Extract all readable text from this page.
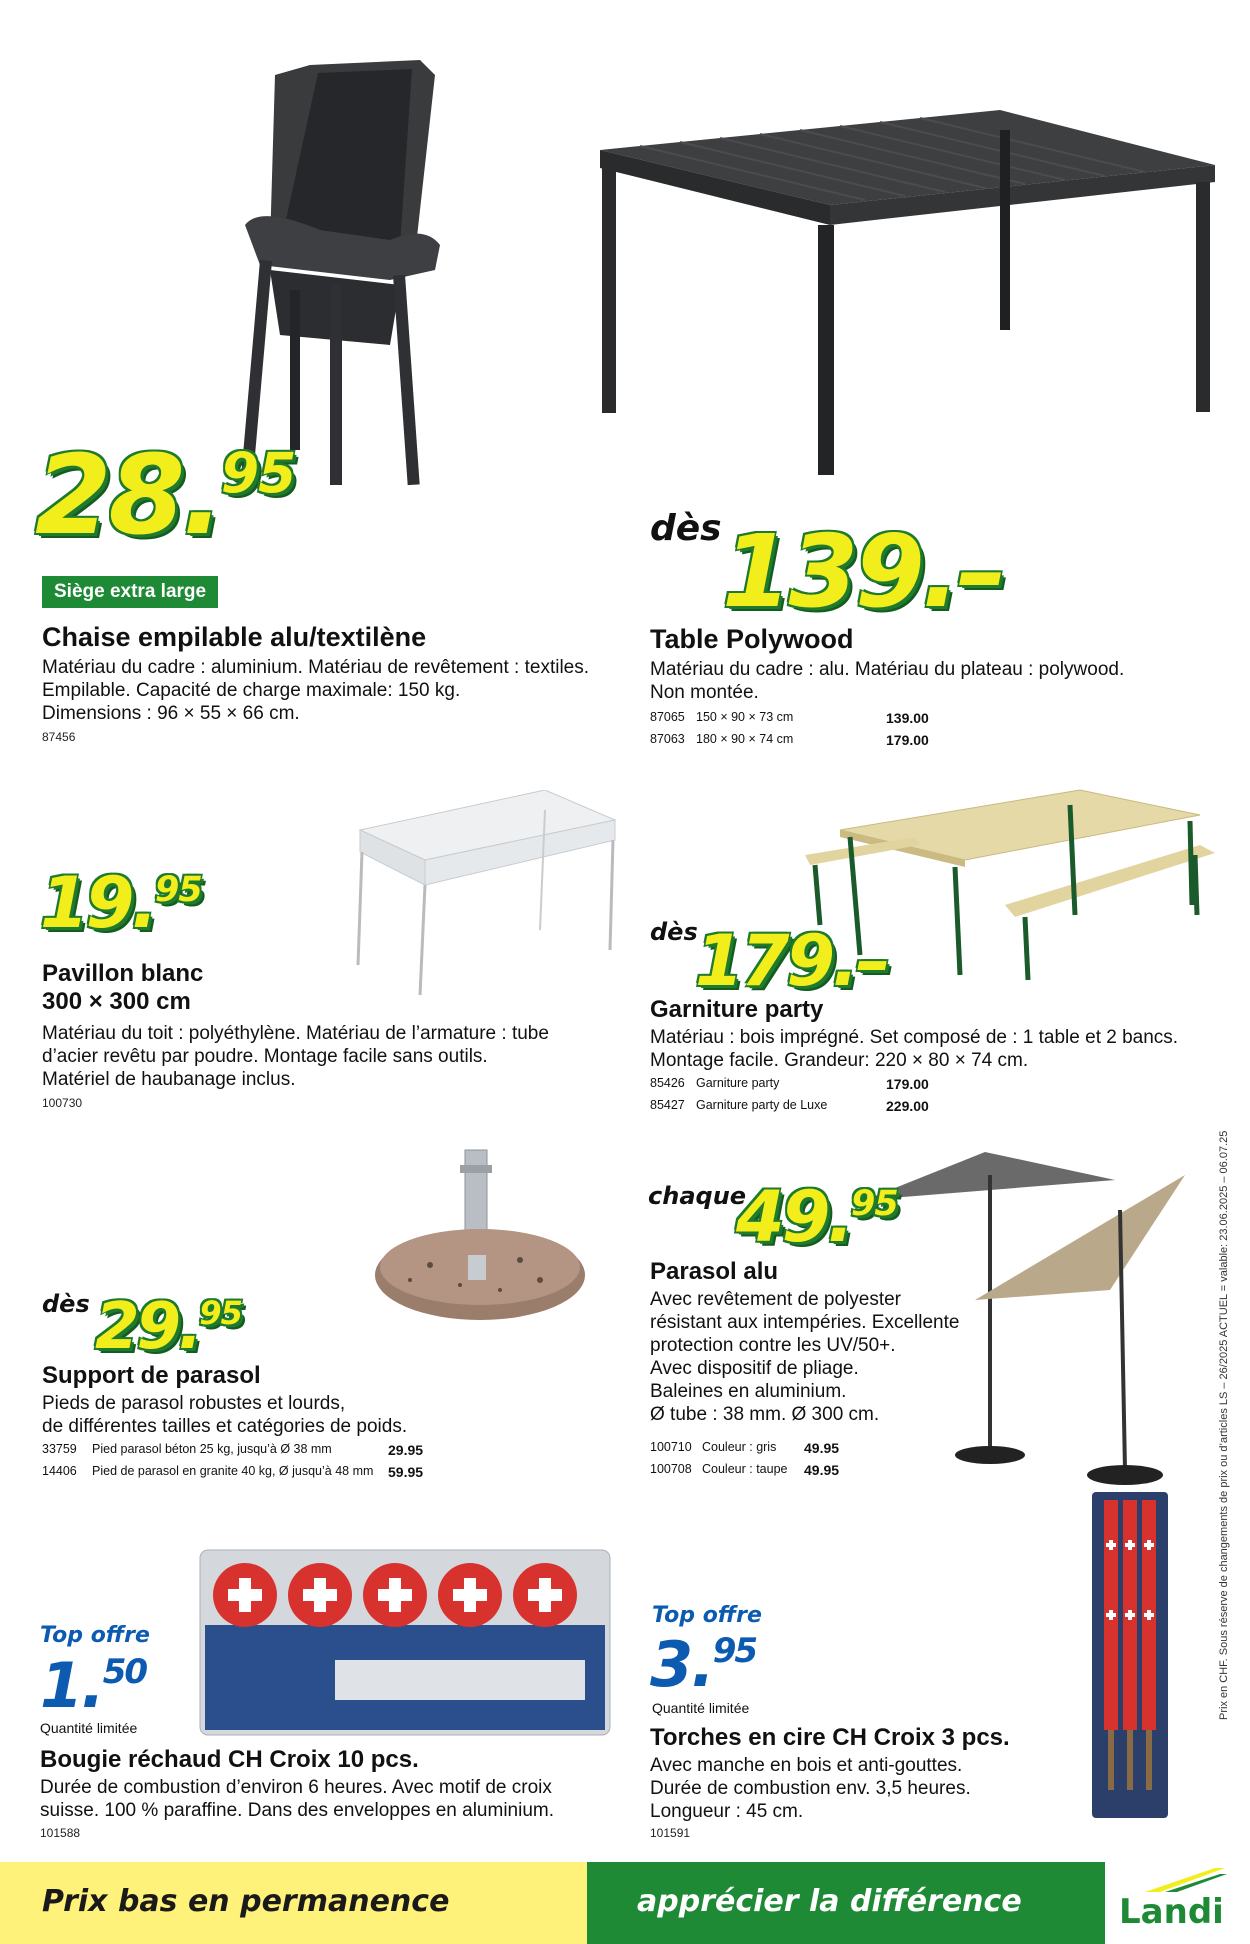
28.95
Siège extra large
Chaise empilable alu/textilène
Matériau du cadre : aluminium. Matériau de revêtement : textiles.
Empilable. Capacité de charge maximale: 150 kg.
Dimensions : 96 × 55 × 66 cm.
87456
dès 139.–
Table Polywood
Matériau du cadre : alu. Matériau du plateau : polywood.
Non montée.
87065 150 × 90 × 73 cm	139.00
87063 180 × 90 × 74 cm	179.00
19.95
Pavillon blanc
300 × 300 cm
Matériau du toit : polyéthylène. Matériau de l’armature : tube
d’acier revêtu par poudre. Montage facile sans outils.
Matériel de haubanage inclus.
100730
dès
179.–
Garniture party
Matériau : bois imprégné. Set composé de : 1 table et 2 bancs.
Montage facile. Grandeur: 220 × 80 × 74 cm.
85426 Garniture party	179.00
85427 Garniture party de Luxe	229.00
chaque
49.95
Parasol alu
Avec revêtement de polyester
résistant aux intempéries. Excellente
protection contre les UV/50+.
Avec dispositif de pliage.
Baleines en aluminium.
Ø tube : 38 mm. Ø 300 cm.
100710 Couleur : gris	49.95
100708 Couleur : taupe	49.95
dès 29.95
Support de parasol
Pieds de parasol robustes et lourds,
de différentes tailles et catégories de poids.
33759	Pied parasol béton 25 kg, jusqu’à Ø 38 mm	29.95
14406	Pied de parasol en granite 40 kg, Ø jusqu’à 48 mm	59.95
Top offre
1.50
Quantité limitée
Bougie réchaud CH Croix 10 pcs.
Durée de combustion d’environ 6 heures. Avec motif de croix
suisse. 100 % paraffine. Dans des enveloppes en aluminium.
101588
Top offre
3.95
Quantité limitée
Torches en cire CH Croix 3 pcs.
Avec manche en bois et anti-gouttes.
Durée de combustion env. 3,5 heures.
Longueur : 45 cm.
101591
Prix en CHF. Sous réserve de changements de prix ou d’articles LS – 26/2025 ACTUEL = valable: 23.06.2025 – 06.07.25
Prix bas en permanence	apprécier la différence	Landi
